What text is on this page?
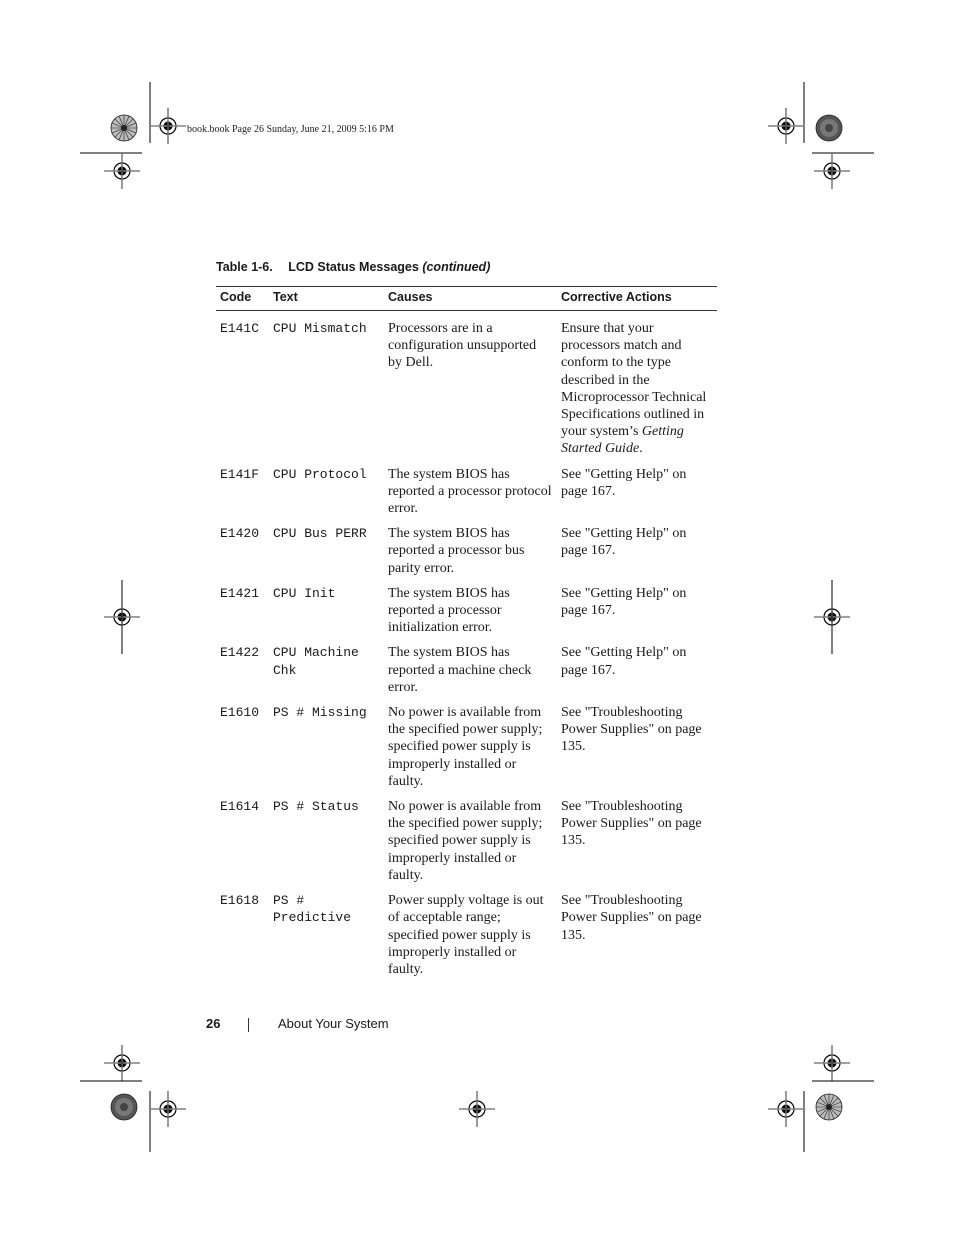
book.book Page 26 Sunday, June 21, 2009 5:16 PM
Table 1-6. LCD Status Messages (continued)
Code	Text	Causes	Corrective Actions
E141C	CPU Mismatch	Processors are in a configuration unsupported by Dell.	Ensure that your processors match and conform to the type described in the Microprocessor Technical Specifications outlined in your system’s Getting Started Guide.
E141F	CPU Protocol	The system BIOS has reported a processor protocol error.	See "Getting Help" on page 167.
E1420	CPU Bus PERR	The system BIOS has reported a processor bus parity error.	See "Getting Help" on page 167.
E1421	CPU Init	The system BIOS has reported a processor initialization error.	See "Getting Help" on page 167.
E1422	CPU Machine Chk	The system BIOS has reported a machine check error.	See "Getting Help" on page 167.
E1610	PS # Missing	No power is available from the specified power supply; specified power supply is improperly installed or faulty.	See "Troubleshooting Power Supplies" on page 135.
E1614	PS # Status	No power is available from the specified power supply; specified power supply is improperly installed or faulty.	See "Troubleshooting Power Supplies" on page 135.
E1618	PS # Predictive	Power supply voltage is out of acceptable range; specified power supply is improperly installed or faulty.	See "Troubleshooting Power Supplies" on page 135.
26	About Your System
